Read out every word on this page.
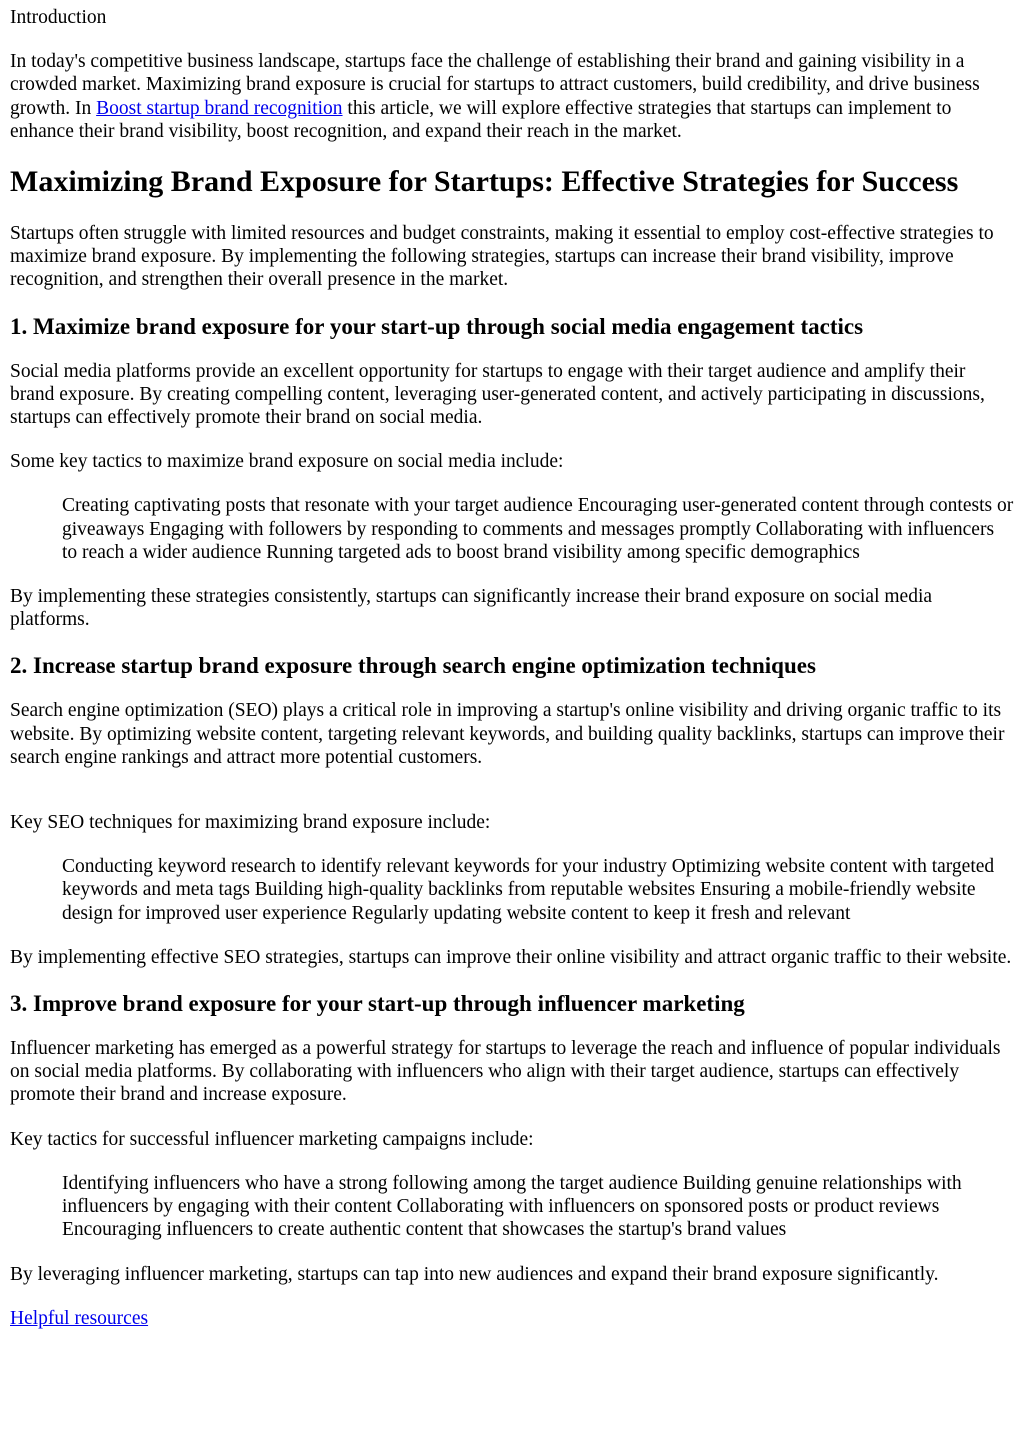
Introduction

In today's competitive business landscape, startups face the challenge of establishing their brand and gaining visibility in a crowded market. Maximizing brand exposure is crucial for startups to attract customers, build credibility, and drive business growth. In Boost startup brand recognition this article, we will explore effective strategies that startups can implement to enhance their brand visibility, boost recognition, and expand their reach in the market.

Maximizing Brand Exposure for Startups: Effective Strategies for Success

Startups often struggle with limited resources and budget constraints, making it essential to employ cost-effective strategies to maximize brand exposure. By implementing the following strategies, startups can increase their brand visibility, improve recognition, and strengthen their overall presence in the market.

1. Maximize brand exposure for your start-up through social media engagement tactics

Social media platforms provide an excellent opportunity for startups to engage with their target audience and amplify their brand exposure. By creating compelling content, leveraging user-generated content, and actively participating in discussions, startups can effectively promote their brand on social media.

Some key tactics to maximize brand exposure on social media include:

Creating captivating posts that resonate with your target audience Encouraging user-generated content through contests or giveaways Engaging with followers by responding to comments and messages promptly Collaborating with influencers to reach a wider audience Running targeted ads to boost brand visibility among specific demographics

By implementing these strategies consistently, startups can significantly increase their brand exposure on social media platforms.

2. Increase startup brand exposure through search engine optimization techniques

Search engine optimization (SEO) plays a critical role in improving a startup's online visibility and driving organic traffic to its website. By optimizing website content, targeting relevant keywords, and building quality backlinks, startups can improve their search engine rankings and attract more potential customers.

Key SEO techniques for maximizing brand exposure include:

Conducting keyword research to identify relevant keywords for your industry Optimizing website content with targeted keywords and meta tags Building high-quality backlinks from reputable websites Ensuring a mobile-friendly website design for improved user experience Regularly updating website content to keep it fresh and relevant

By implementing effective SEO strategies, startups can improve their online visibility and attract organic traffic to their website.

3. Improve brand exposure for your start-up through influencer marketing

Influencer marketing has emerged as a powerful strategy for startups to leverage the reach and influence of popular individuals on social media platforms. By collaborating with influencers who align with their target audience, startups can effectively promote their brand and increase exposure.

Key tactics for successful influencer marketing campaigns include:

Identifying influencers who have a strong following among the target audience Building genuine relationships with influencers by engaging with their content Collaborating with influencers on sponsored posts or product reviews Encouraging influencers to create authentic content that showcases the startup's brand values

By leveraging influencer marketing, startups can tap into new audiences and expand their brand exposure significantly.

Helpful resources
